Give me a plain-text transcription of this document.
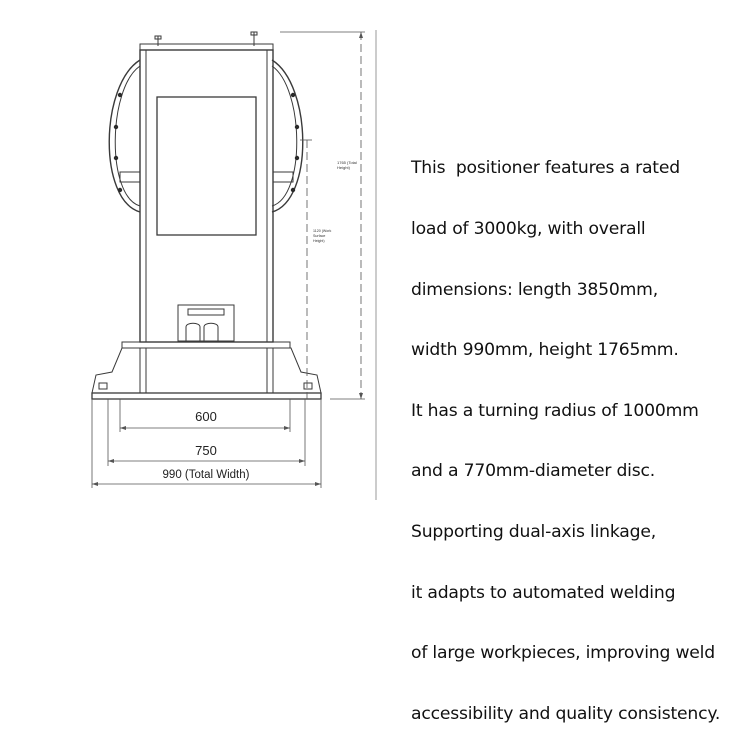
600
750
990 (Total Width)
1765 (Total
Height)
1120 (Work
Surface
Height)

This  positioner features a rated

load of 3000kg, with overall

dimensions: length 3850mm,

width 990mm, height 1765mm.

It has a turning radius of 1000mm

and a 770mm-diameter disc.

Supporting dual-axis linkage,

it adapts to automated welding

of large workpieces, improving weld

accessibility and quality consistency.
